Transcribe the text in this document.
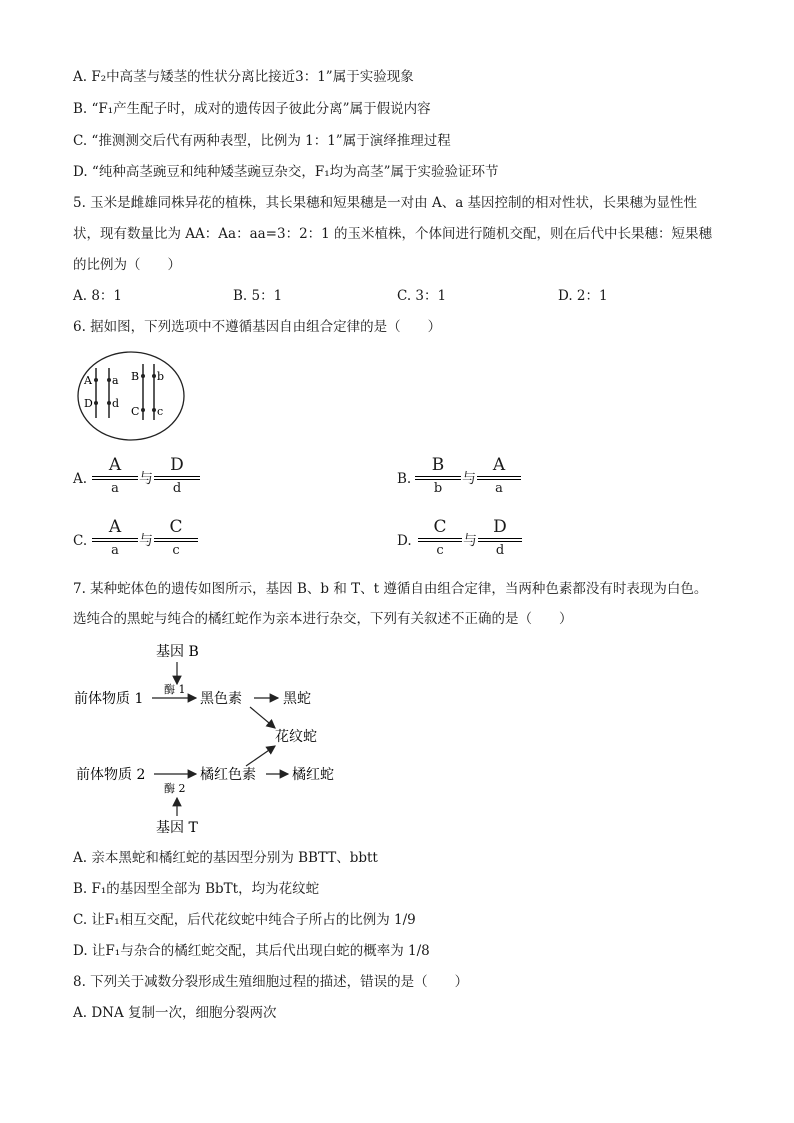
A. F₂中高茎与矮茎的性状分离比接近3：1”属于实验现象
B. “F₁产生配子时，成对的遗传因子彼此分离”属于假说内容
C. “推测测交后代有两种表型，比例为 1：1”属于演绎推理过程
D. “纯种高茎豌豆和纯种矮茎豌豆杂交，F₁均为高茎”属于实验验证环节
5. 玉米是雌雄同株异花的植株，其长果穗和短果穗是一对由 A、a 基因控制的相对性状，长果穗为显性性
状，现有数量比为 AA：Aa：aa=3：2：1 的玉米植株，个体间进行随机交配，则在后代中长果穗：短果穗
的比例为（　　）
A. 8：1	B. 5：1	C. 3：1	D. 2：1
6. 据如图，下列选项中不遵循基因自由组合定律的是（　　）
A a
D d
B b
C c
A.
A
a
与
D
d
B.
B
b
与
A
a
C.
A
a
与
C
c
D.
C
c
与
D
d
7. 某种蛇体色的遗传如图所示，基因 B、b 和 T、t 遵循自由组合定律，当两种色素都没有时表现为白色。
选纯合的黑蛇与纯合的橘红蛇作为亲本进行杂交，下列有关叙述不正确的是（　　）
基因 B
酶 1
前体物质 1	黑色素	黑蛇
花纹蛇
前体物质 2	橘红色素	橘红蛇
酶 2
基因 T
A. 亲本黑蛇和橘红蛇的基因型分别为 BBTT、bbtt
B. F₁的基因型全部为 BbTt，均为花纹蛇
C. 让F₁相互交配，后代花纹蛇中纯合子所占的比例为 1/9
D. 让F₁与杂合的橘红蛇交配，其后代出现白蛇的概率为 1/8
8. 下列关于减数分裂形成生殖细胞过程的描述，错误的是（　　）
A. DNA 复制一次，细胞分裂两次
